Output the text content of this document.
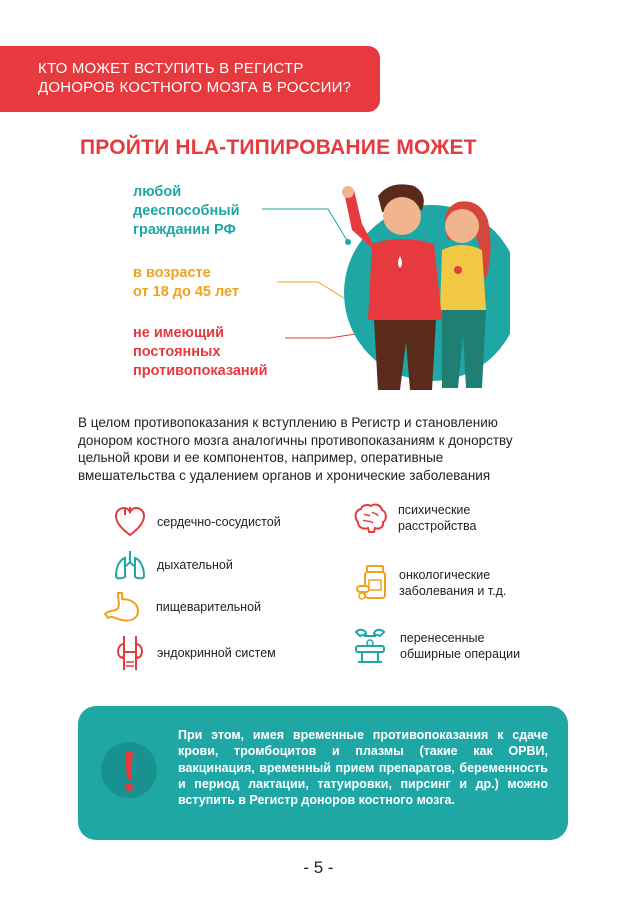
КТО МОЖЕТ ВСТУПИТЬ В РЕГИСТР
ДОНОРОВ КОСТНОГО МОЗГА В РОССИИ?
ПРОЙТИ HLA-ТИПИРОВАНИЕ МОЖЕТ
любой
дееспособный
гражданин РФ
в возрасте
от 18 до 45 лет
не имеющий
постоянных
противопоказаний
В целом противопоказания к вступлению в Регистр и становлению
донором костного мозга аналогичны противопоказаниям к донорству
цельной крови и ее компонентов, например, оперативные
вмешательства с удалением органов и хронические заболевания
сердечно-сосудистой
дыхательной
пищеварительной
эндокринной систем
психические
расстройства
онкологические
заболевания и т.д.
перенесенные
обширные операции
При этом, имея временные противопоказания к сдаче крови, тромбоцитов и плазмы (такие как ОРВИ, вакцинация, временный прием препаратов, беременность и период лактации, татуировки, пирсинг и др.) можно вступить в Регистр доноров костного мозга.
- 5 -
